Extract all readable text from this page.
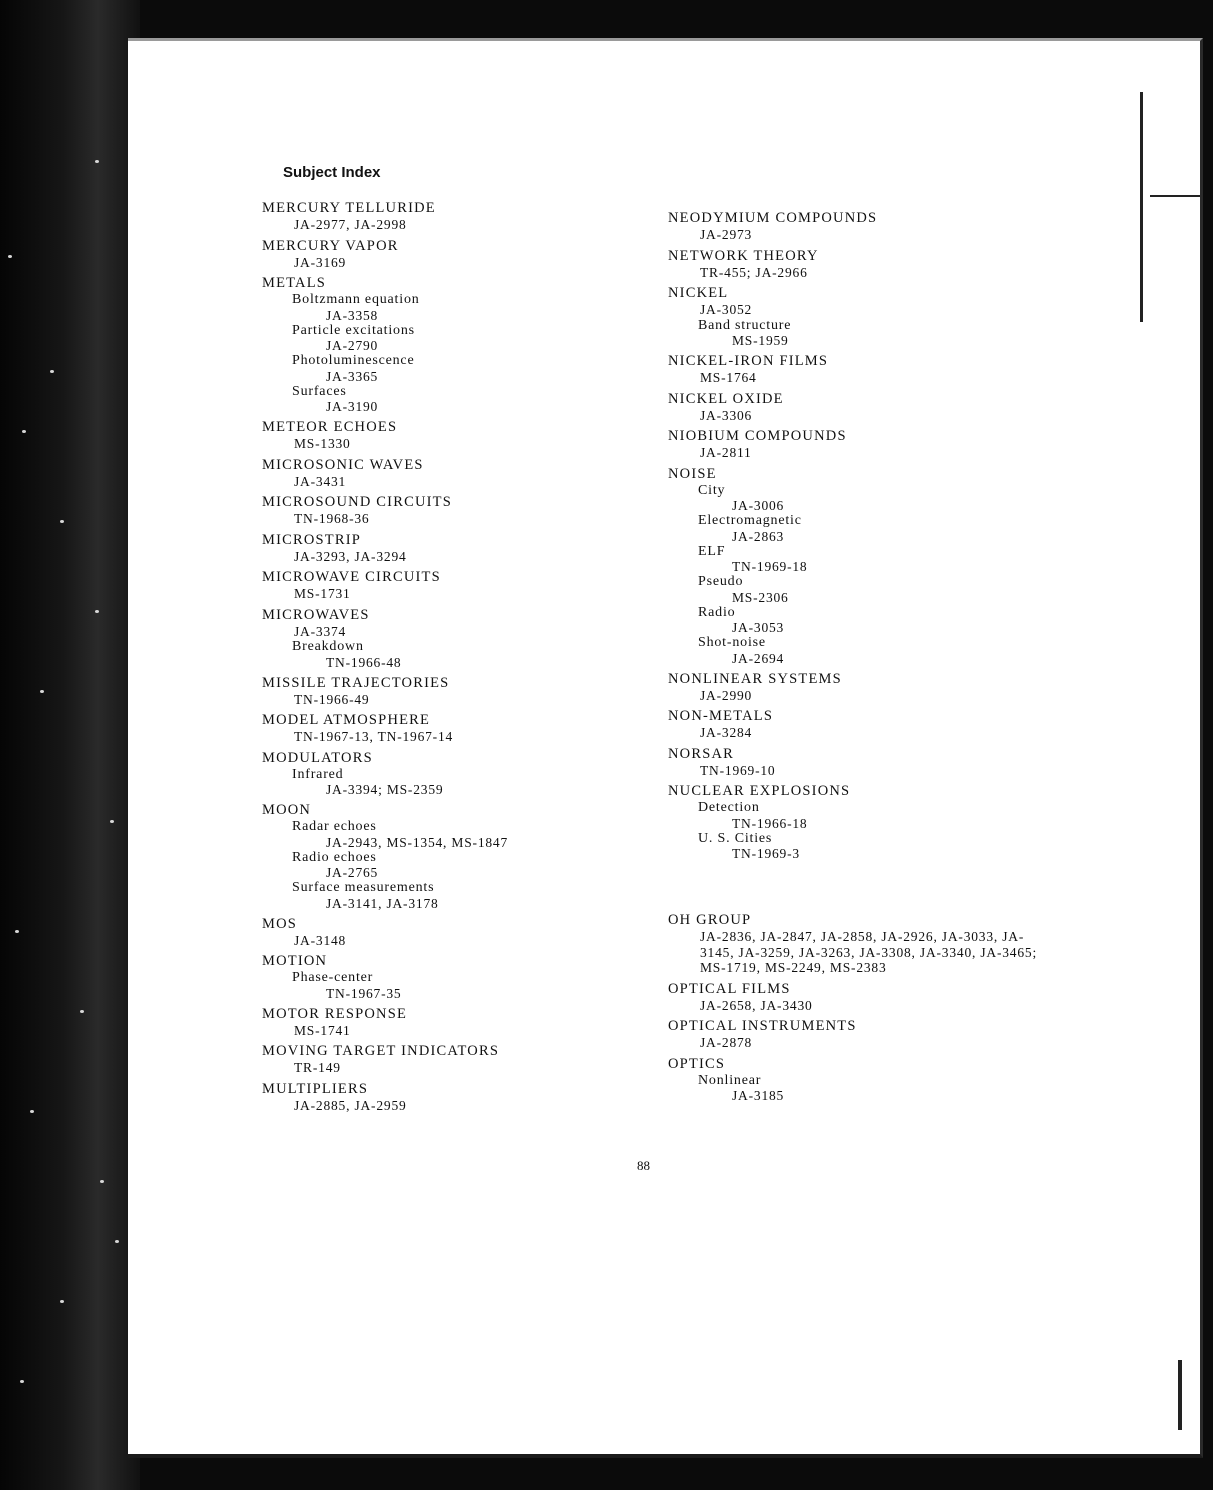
Subject Index
MERCURY TELLURIDE
JA-2977, JA-2998
MERCURY VAPOR
JA-3169
METALS
Boltzmann equation
JA-3358
Particle excitations
JA-2790
Photoluminescence
JA-3365
Surfaces
JA-3190
METEOR ECHOES
MS-1330
MICROSONIC WAVES
JA-3431
MICROSOUND CIRCUITS
TN-1968-36
MICROSTRIP
JA-3293, JA-3294
MICROWAVE CIRCUITS
MS-1731
MICROWAVES
JA-3374
Breakdown
TN-1966-48
MISSILE TRAJECTORIES
TN-1966-49
MODEL ATMOSPHERE
TN-1967-13, TN-1967-14
MODULATORS
Infrared
JA-3394; MS-2359
MOON
Radar echoes
JA-2943, MS-1354, MS-1847
Radio echoes
JA-2765
Surface measurements
JA-3141, JA-3178
MOS
JA-3148
MOTION
Phase-center
TN-1967-35
MOTOR RESPONSE
MS-1741
MOVING TARGET INDICATORS
TR-149
MULTIPLIERS
JA-2885, JA-2959
NEODYMIUM COMPOUNDS
JA-2973
NETWORK THEORY
TR-455; JA-2966
NICKEL
JA-3052
Band structure
MS-1959
NICKEL-IRON FILMS
MS-1764
NICKEL OXIDE
JA-3306
NIOBIUM COMPOUNDS
JA-2811
NOISE
City
JA-3006
Electromagnetic
JA-2863
ELF
TN-1969-18
Pseudo
MS-2306
Radio
JA-3053
Shot-noise
JA-2694
NONLINEAR SYSTEMS
JA-2990
NON-METALS
JA-3284
NORSAR
TN-1969-10
NUCLEAR EXPLOSIONS
Detection
TN-1966-18
U. S. Cities
TN-1969-3
OH GROUP
JA-2836, JA-2847, JA-2858, JA-2926, JA-3033, JA-3145, JA-3259, JA-3263, JA-3308, JA-3340, JA-3465; MS-1719, MS-2249, MS-2383
OPTICAL FILMS
JA-2658, JA-3430
OPTICAL INSTRUMENTS
JA-2878
OPTICS
Nonlinear
JA-3185
88
